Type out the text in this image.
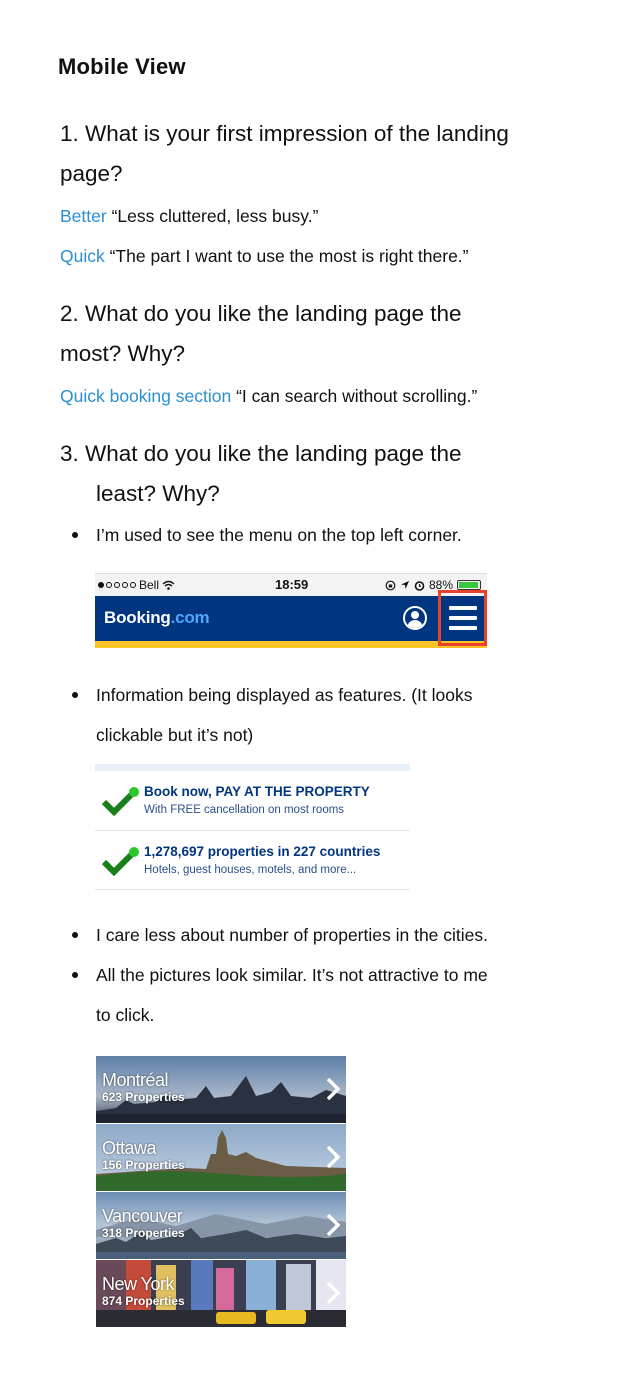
Mobile View
1. What is your first impression of the landing
page?
Better “Less cluttered, less busy.”
Quick “The part I want to use the most is right there.”
2. What do you like the landing page the
most? Why?
Quick booking section “I can search without scrolling.”
3. What do you like the landing page the
least? Why?
I’m used to see the menu on the top left corner.
Bell	18:59	88%
Booking.com
Information being displayed as features. (It looks
clickable but it’s not)
Book now, PAY AT THE PROPERTY
With FREE cancellation on most rooms
1,278,697 properties in 227 countries
Hotels, guest houses, motels, and more...
I care less about number of properties in the cities.
All the pictures look similar. It’s not attractive to me
to click.
Montréal
623 Properties
Ottawa
156 Properties
Vancouver
318 Properties
New York
874 Properties
